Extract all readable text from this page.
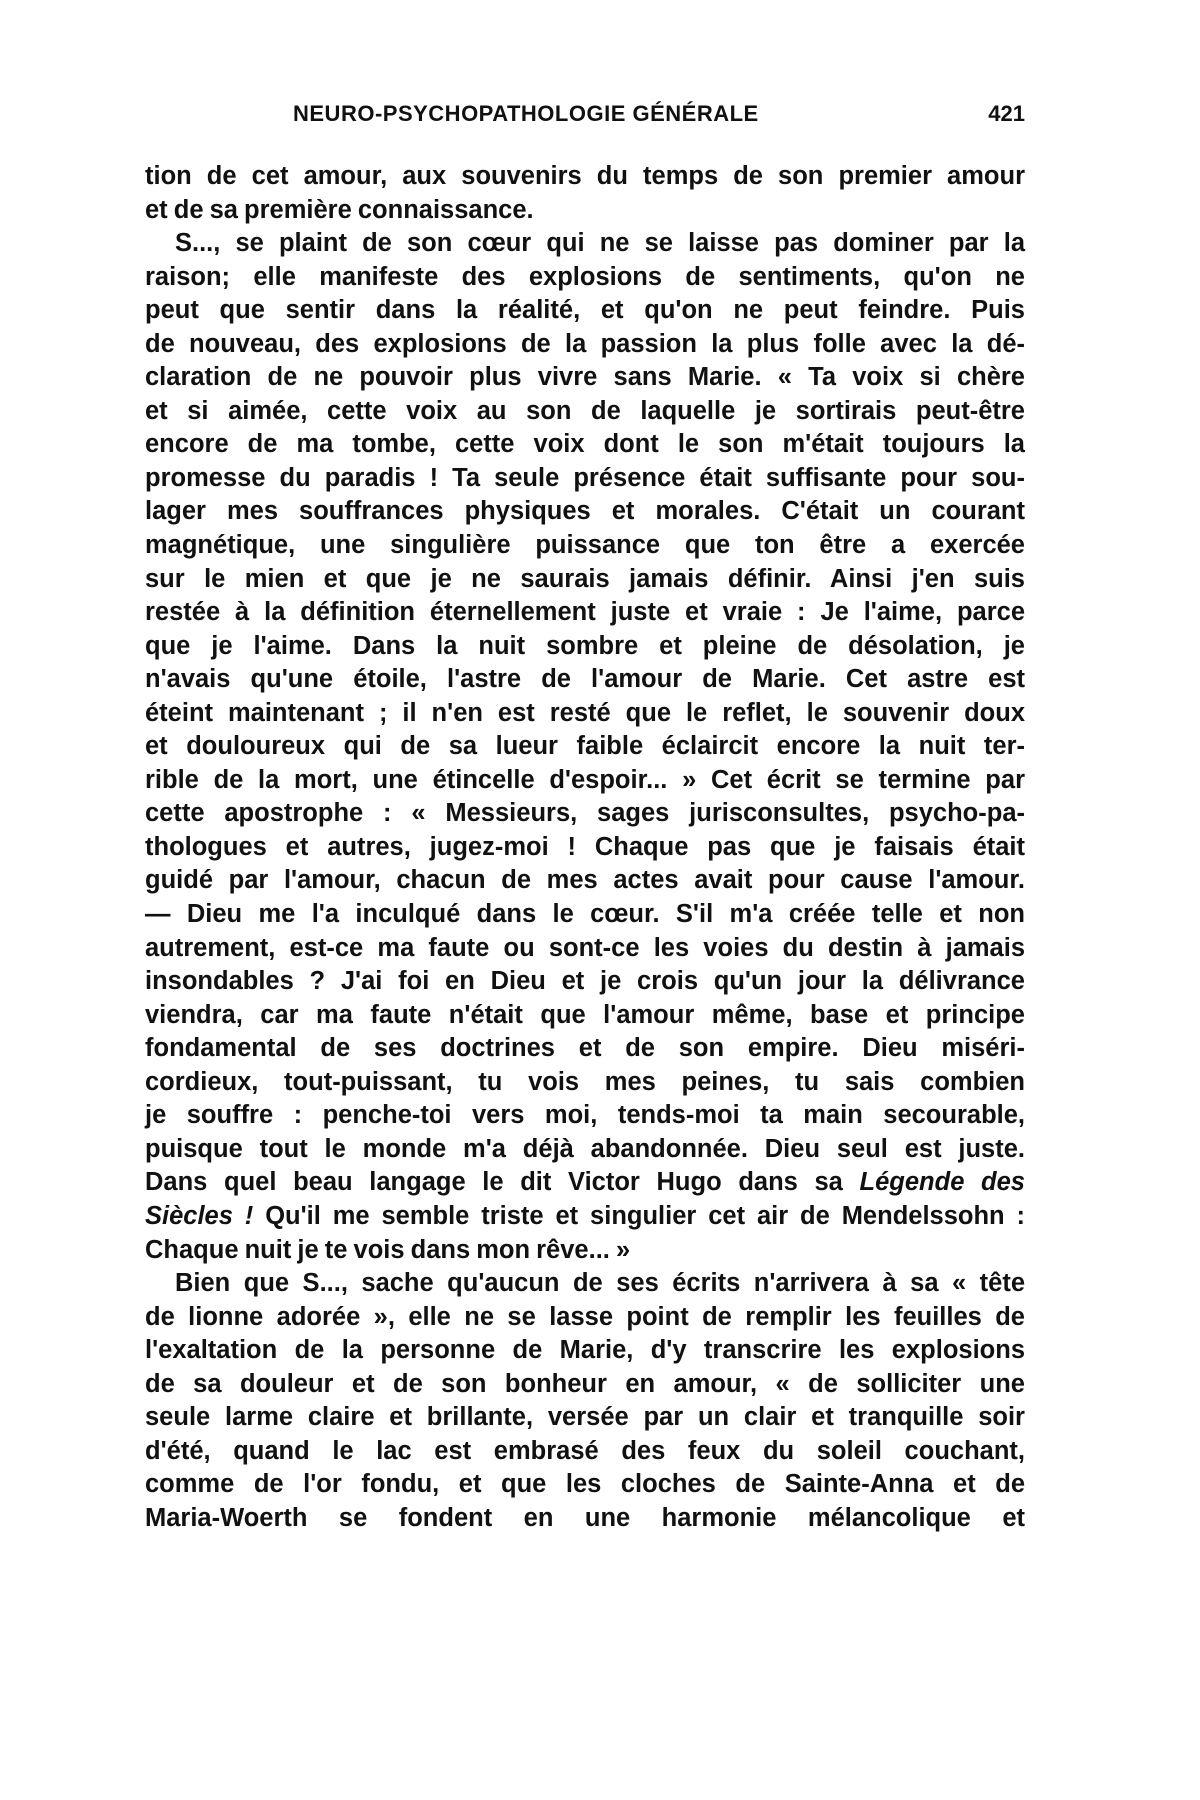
NEURO-PSYCHOPATHOLOGIE GÉNÉRALE	421
tion de cet amour, aux souvenirs du temps de son premier amour
et de sa première connaissance.
S..., se plaint de son cœur qui ne se laisse pas dominer par la
raison; elle manifeste des explosions de sentiments, qu'on ne
peut que sentir dans la réalité, et qu'on ne peut feindre. Puis
de nouveau, des explosions de la passion la plus folle avec la dé-
claration de ne pouvoir plus vivre sans Marie. « Ta voix si chère
et si aimée, cette voix au son de laquelle je sortirais peut-être
encore de ma tombe, cette voix dont le son m'était toujours la
promesse du paradis ! Ta seule présence était suffisante pour sou-
lager mes souffrances physiques et morales. C'était un courant
magnétique, une singulière puissance que ton être a exercée
sur le mien et que je ne saurais jamais définir. Ainsi j'en suis
restée à la définition éternellement juste et vraie : Je l'aime, parce
que je l'aime. Dans la nuit sombre et pleine de désolation, je
n'avais qu'une étoile, l'astre de l'amour de Marie. Cet astre est
éteint maintenant ; il n'en est resté que le reflet, le souvenir doux
et douloureux qui de sa lueur faible éclaircit encore la nuit ter-
rible de la mort, une étincelle d'espoir... » Cet écrit se termine par
cette apostrophe : « Messieurs, sages jurisconsultes, psycho-pa-
thologues et autres, jugez-moi ! Chaque pas que je faisais était
guidé par l'amour, chacun de mes actes avait pour cause l'amour.
— Dieu me l'a inculqué dans le cœur. S'il m'a créée telle et non
autrement, est-ce ma faute ou sont-ce les voies du destin à jamais
insondables ? J'ai foi en Dieu et je crois qu'un jour la délivrance
viendra, car ma faute n'était que l'amour même, base et principe
fondamental de ses doctrines et de son empire. Dieu miséri-
cordieux, tout-puissant, tu vois mes peines, tu sais combien
je souffre : penche-toi vers moi, tends-moi ta main secourable,
puisque tout le monde m'a déjà abandonnée. Dieu seul est juste.
Dans quel beau langage le dit Victor Hugo dans sa Légende des
Siècles ! Qu'il me semble triste et singulier cet air de Mendelssohn :
Chaque nuit je te vois dans mon rêve... »
Bien que S..., sache qu'aucun de ses écrits n'arrivera à sa « tête
de lionne adorée », elle ne se lasse point de remplir les feuilles de
l'exaltation de la personne de Marie, d'y transcrire les explosions
de sa douleur et de son bonheur en amour, « de solliciter une
seule larme claire et brillante, versée par un clair et tranquille soir
d'été, quand le lac est embrasé des feux du soleil couchant,
comme de l'or fondu, et que les cloches de Sainte-Anna et de
Maria-Woerth se fondent en une harmonie mélancolique et
